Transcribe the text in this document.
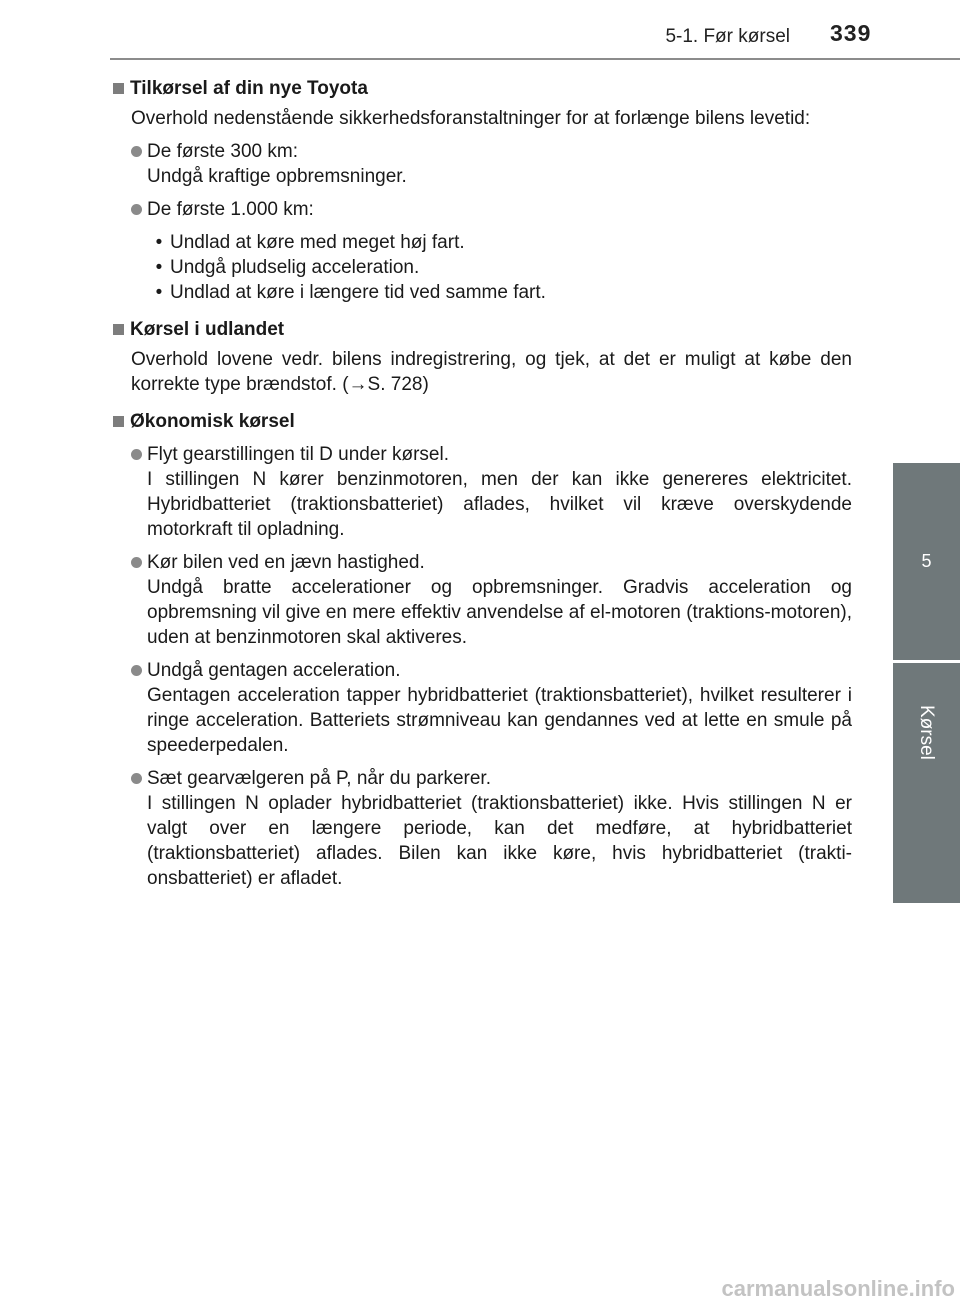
5-1. Før kørsel 339
5
Kørsel
Tilkørsel af din nye Toyota
Overhold nedenstående sikkerhedsforanstaltninger for at forlænge bilens levetid:
De første 300 km:
Undgå kraftige opbremsninger.
De første 1.000 km:
• Undlad at køre med meget høj fart.
• Undgå pludselig acceleration.
• Undlad at køre i længere tid ved samme fart.
Kørsel i udlandet
Overhold lovene vedr. bilens indregistrering, og tjek, at det er muligt at købe den korrekte type brændstof. (→S. 728)
Økonomisk kørsel
Flyt gearstillingen til D under kørsel.
I stillingen N kører benzinmotoren, men der kan ikke genereres elektricitet. Hybridbatteriet (traktionsbatteriet) aflades, hvilket vil kræve overskydende motorkraft til opladning.
Kør bilen ved en jævn hastighed.
Undgå bratte accelerationer og opbremsninger. Gradvis acceleration og opbremsning vil give en mere effektiv anvendelse af el-motoren (traktions-motoren), uden at benzinmotoren skal aktiveres.
Undgå gentagen acceleration.
Gentagen acceleration tapper hybridbatteriet (traktionsbatteriet), hvilket resulterer i ringe acceleration. Batteriets strømniveau kan gendannes ved at lette en smule på speederpedalen.
Sæt gearvælgeren på P, når du parkerer.
I stillingen N oplader hybridbatteriet (traktionsbatteriet) ikke. Hvis stillingen N er valgt over en længere periode, kan det medføre, at hybridbatteriet (traktionsbatteriet) aflades. Bilen kan ikke køre, hvis hybridbatteriet (trakti-onsbatteriet) er afladet.
carmanualsonline.info
